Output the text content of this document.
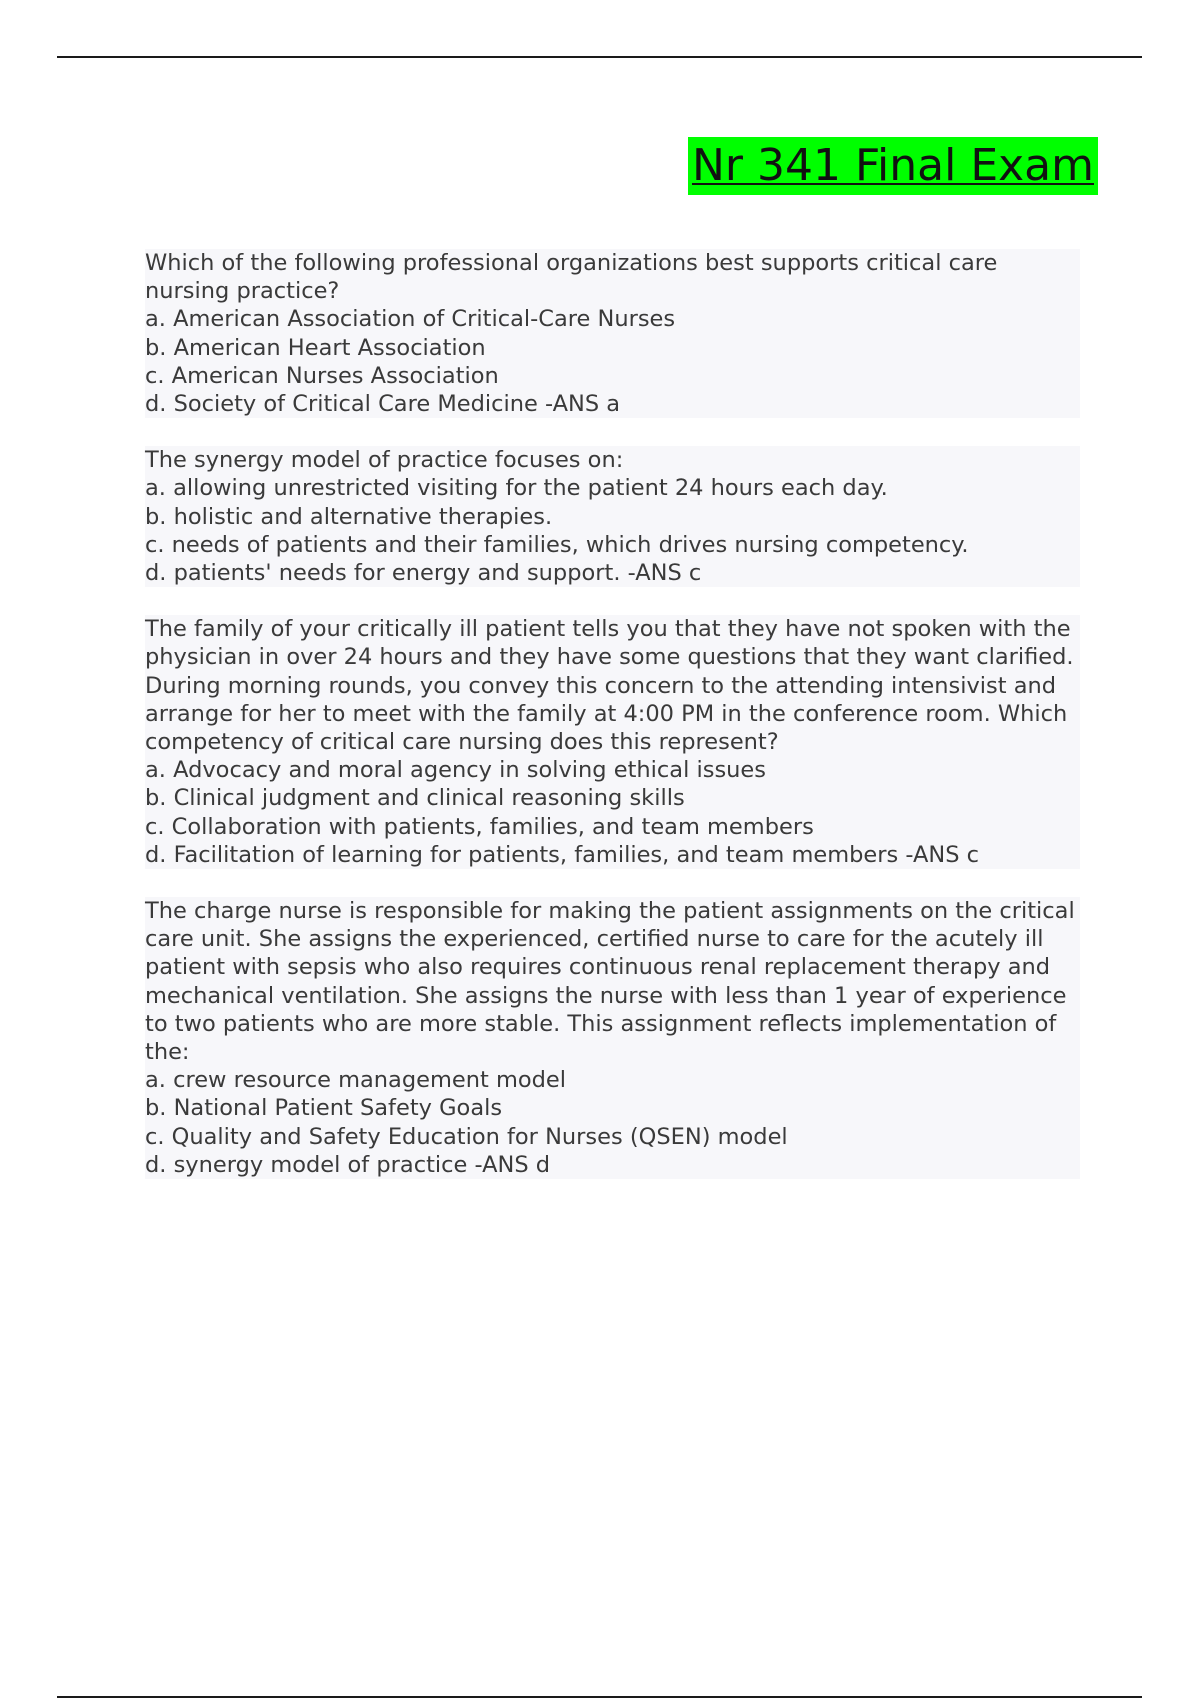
Nr 341 Final Exam
Which of the following professional organizations best supports critical care nursing practice?
a. American Association of Critical-Care Nurses
b. American Heart Association
c. American Nurses Association
d. Society of Critical Care Medicine -ANS a
The synergy model of practice focuses on:
a. allowing unrestricted visiting for the patient 24 hours each day.
b. holistic and alternative therapies.
c. needs of patients and their families, which drives nursing competency.
d. patients' needs for energy and support. -ANS c
The family of your critically ill patient tells you that they have not spoken with the physician in over 24 hours and they have some questions that they want clarified. During morning rounds, you convey this concern to the attending intensivist and arrange for her to meet with the family at 4:00 PM in the conference room. Which competency of critical care nursing does this represent?
a. Advocacy and moral agency in solving ethical issues
b. Clinical judgment and clinical reasoning skills
c. Collaboration with patients, families, and team members
d. Facilitation of learning for patients, families, and team members -ANS c
The charge nurse is responsible for making the patient assignments on the critical care unit. She assigns the experienced, certified nurse to care for the acutely ill patient with sepsis who also requires continuous renal replacement therapy and mechanical ventilation. She assigns the nurse with less than 1 year of experience to two patients who are more stable. This assignment reflects implementation of the:
a. crew resource management model
b. National Patient Safety Goals
c. Quality and Safety Education for Nurses (QSEN) model
d. synergy model of practice -ANS d
